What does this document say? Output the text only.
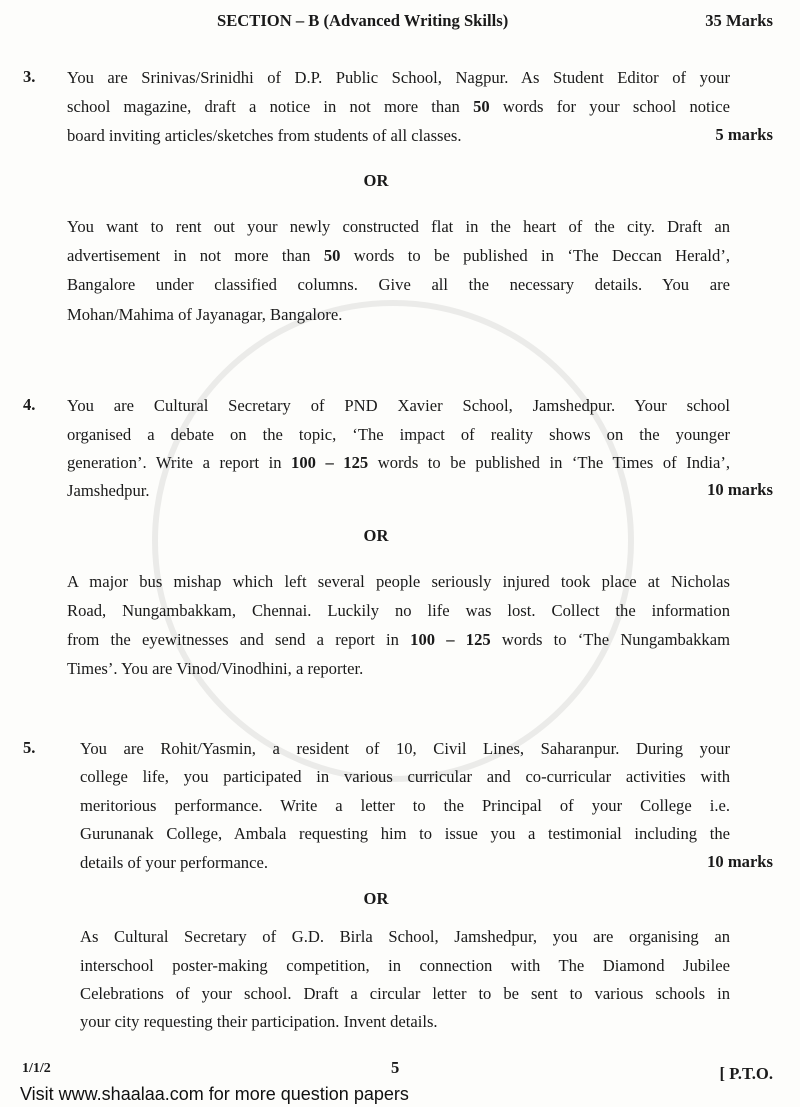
SECTION – B (Advanced Writing Skills)	35 Marks
3. You are Srinivas/Srinidhi of D.P. Public School, Nagpur. As Student Editor of your
school magazine, draft a notice in not more than 50 words for your school notice
board inviting articles/sketches from students of all classes.	5 marks
OR
You want to rent out your newly constructed flat in the heart of the city. Draft an
advertisement in not more than 50 words to be published in ‘The Deccan Herald’,
Bangalore under classified columns. Give all the necessary details. You are
Mohan/Mahima of Jayanagar, Bangalore.
4. You are Cultural Secretary of PND Xavier School, Jamshedpur. Your school
organised a debate on the topic, ‘The impact of reality shows on the younger
generation’. Write a report in 100 – 125 words to be published in ‘The Times of India’,
Jamshedpur.	10 marks
OR
A major bus mishap which left several people seriously injured took place at Nicholas
Road, Nungambakkam, Chennai. Luckily no life was lost. Collect the information
from the eyewitnesses and send a report in 100 – 125 words to ‘The Nungambakkam
Times’. You are Vinod/Vinodhini, a reporter.
5.	You are Rohit/Yasmin, a resident of 10, Civil Lines, Saharanpur. During your
college life, you participated in various curricular and co-curricular activities with
meritorious performance. Write a letter to the Principal of your College i.e.
Gurunanak College, Ambala requesting him to issue you a testimonial including the
details of your performance.	10 marks
OR
As Cultural Secretary of G.D. Birla School, Jamshedpur, you are organising an
interschool poster-making competition, in connection with The Diamond Jubilee
Celebrations of your school. Draft a circular letter to be sent to various schools in
your city requesting their participation. Invent details.
1/1/2	5	[ P.T.O.
Visit www.shaalaa.com for more question papers
